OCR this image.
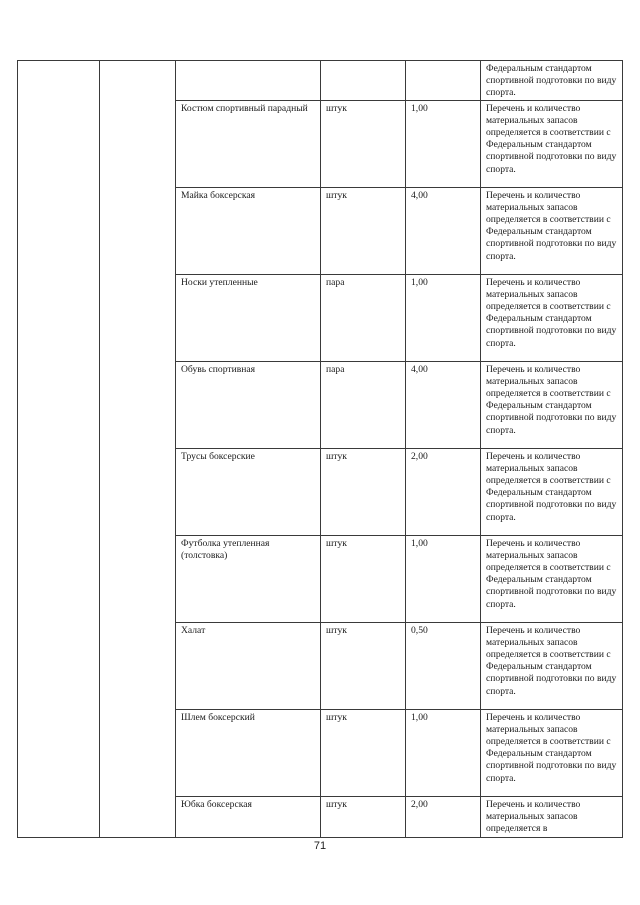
					Федеральным стандартом спортивной подготовки по виду спорта.
		Костюм спортивный парадный	штук	1,00	Перечень и количество материальных запасов определяется в соответствии с Федеральным стандартом спортивной подготовки по виду спорта.
		Майка боксерская	штук	4,00	Перечень и количество материальных запасов определяется в соответствии с Федеральным стандартом спортивной подготовки по виду спорта.
		Носки утепленные	пара	1,00	Перечень и количество материальных запасов определяется в соответствии с Федеральным стандартом спортивной подготовки по виду спорта.
		Обувь спортивная	пара	4,00	Перечень и количество материальных запасов определяется в соответствии с Федеральным стандартом спортивной подготовки по виду спорта.
		Трусы боксерские	штук	2,00	Перечень и количество материальных запасов определяется в соответствии с Федеральным стандартом спортивной подготовки по виду спорта.
		Футболка утепленная (толстовка)	штук	1,00	Перечень и количество материальных запасов определяется в соответствии с Федеральным стандартом спортивной подготовки по виду спорта.
		Халат	штук	0,50	Перечень и количество материальных запасов определяется в соответствии с Федеральным стандартом спортивной подготовки по виду спорта.
		Шлем боксерский	штук	1,00	Перечень и количество материальных запасов определяется в соответствии с Федеральным стандартом спортивной подготовки по виду спорта.
		Юбка боксерская	штук	2,00	Перечень и количество материальных запасов определяется в
71
